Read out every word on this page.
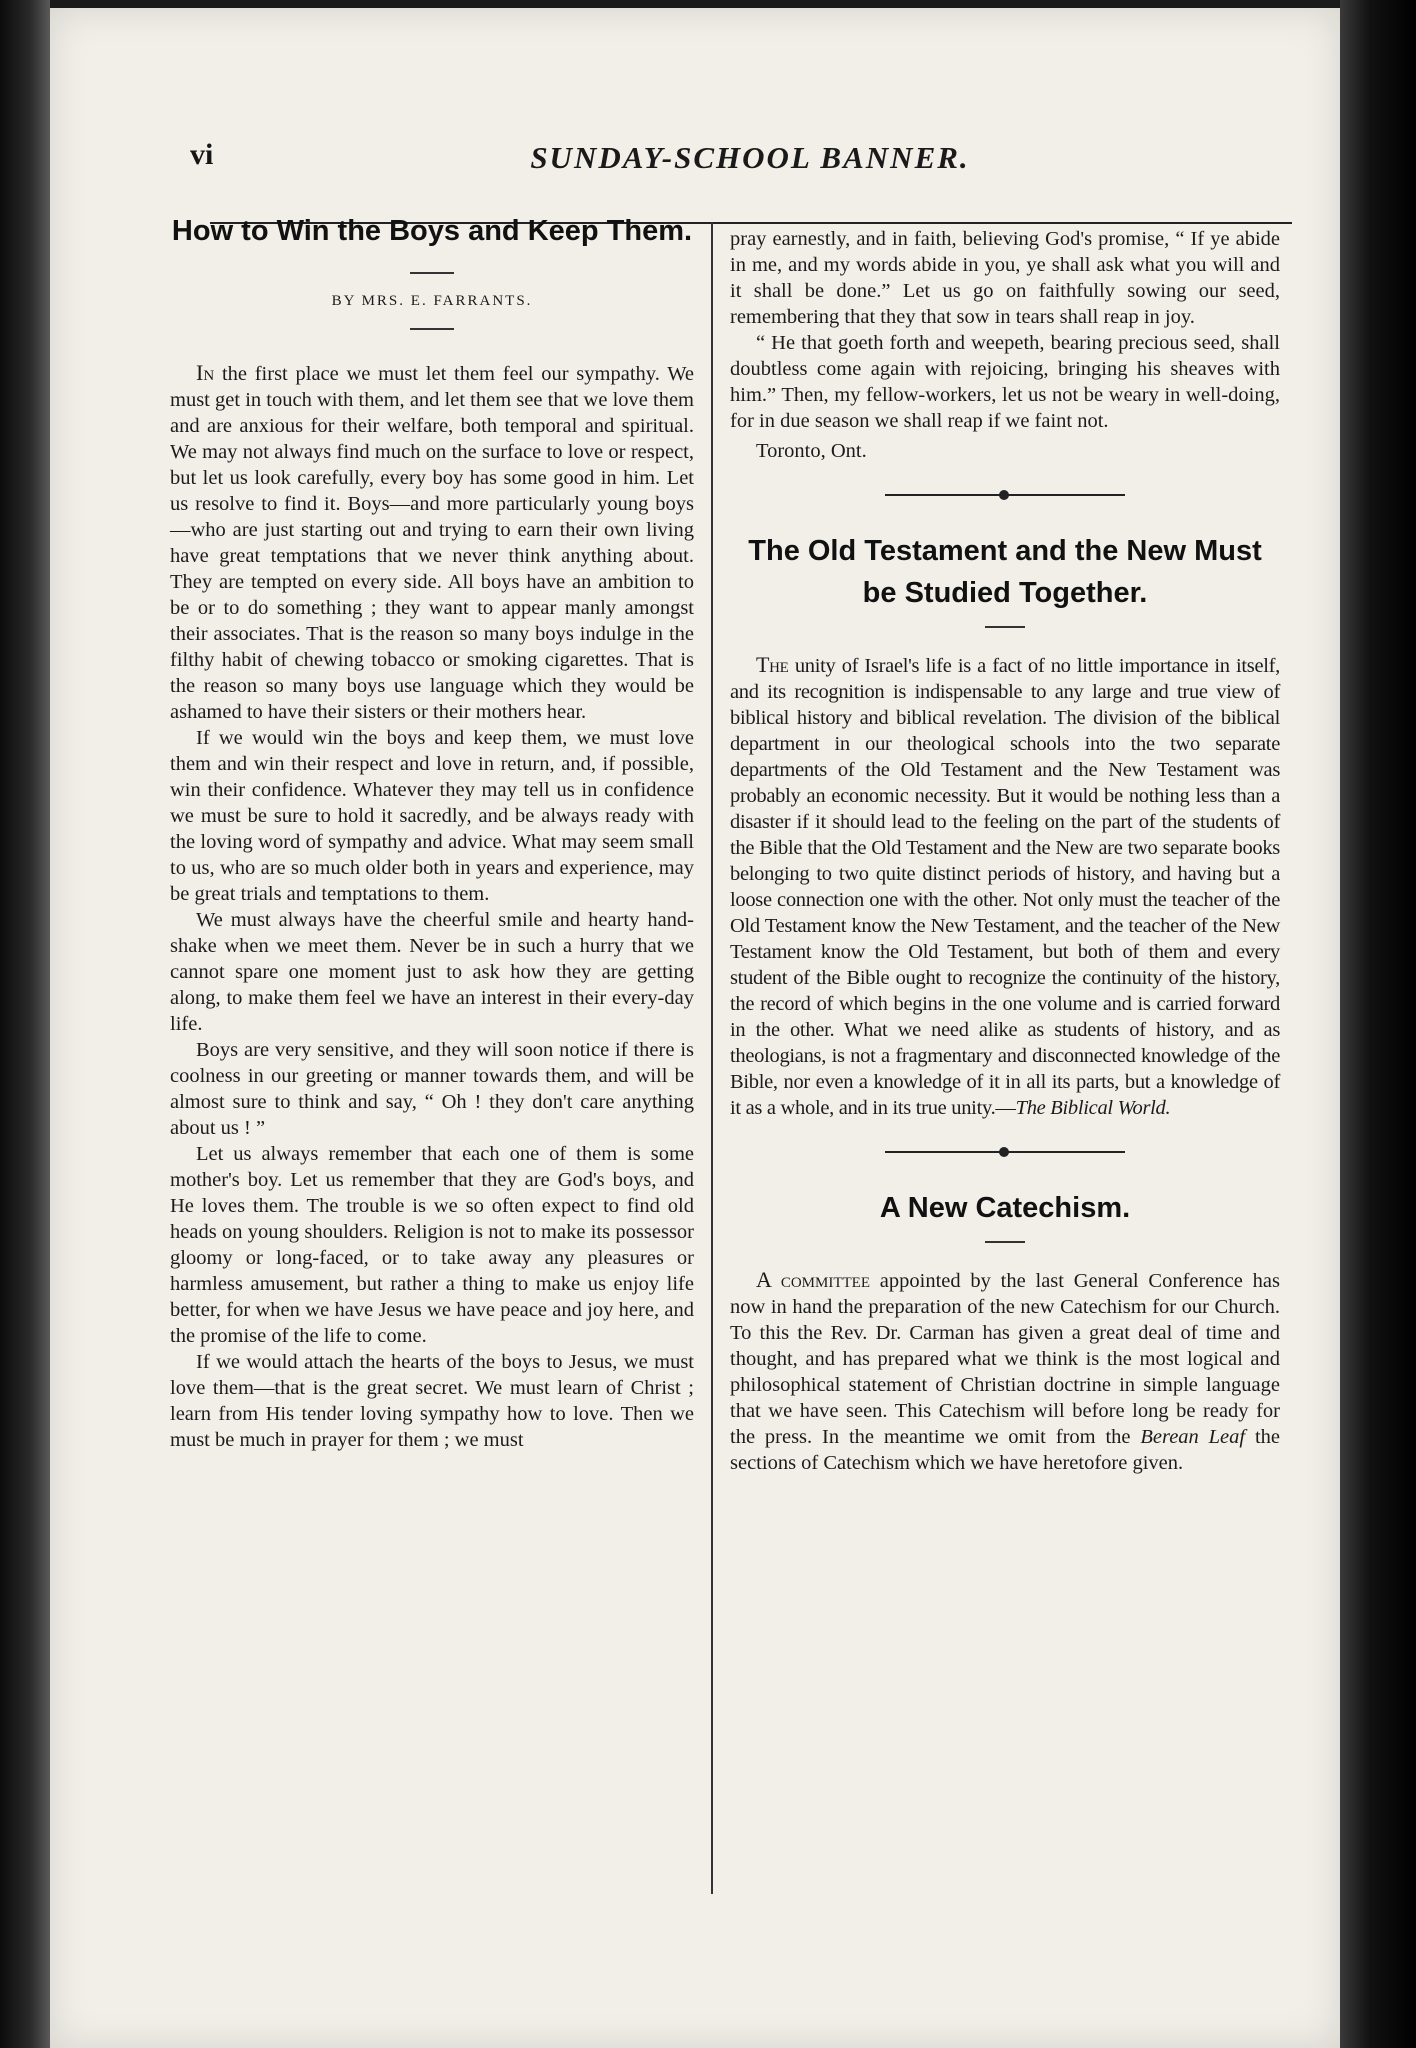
vi	SUNDAY-SCHOOL BANNER.
How to Win the Boys and Keep Them.
BY MRS. E. FARRANTS.

In the first place we must let them feel our sympathy. We must get in touch with them, and let them see that we love them and are anxious for their welfare, both temporal and spiritual. We may not always find much on the surface to love or respect, but let us look carefully, every boy has some good in him. Let us resolve to find it. Boys—and more particularly young boys—who are just starting out and trying to earn their own living have great temptations that we never think anything about. They are tempted on every side. All boys have an ambition to be or to do something ; they want to appear manly amongst their associates. That is the reason so many boys indulge in the filthy habit of chewing tobacco or smoking cigarettes. That is the reason so many boys use language which they would be ashamed to have their sisters or their mothers hear.

If we would win the boys and keep them, we must love them and win their respect and love in return, and, if possible, win their confidence. Whatever they may tell us in confidence we must be sure to hold it sacredly, and be always ready with the loving word of sympathy and advice. What may seem small to us, who are so much older both in years and experience, may be great trials and temptations to them.

We must always have the cheerful smile and hearty hand-shake when we meet them. Never be in such a hurry that we cannot spare one moment just to ask how they are getting along, to make them feel we have an interest in their every-day life.

Boys are very sensitive, and they will soon notice if there is coolness in our greeting or manner towards them, and will be almost sure to think and say, “ Oh ! they don't care anything about us ! ”

Let us always remember that each one of them is some mother's boy. Let us remember that they are God's boys, and He loves them. The trouble is we so often expect to find old heads on young shoulders. Religion is not to make its possessor gloomy or long-faced, or to take away any pleasures or harmless amusement, but rather a thing to make us enjoy life better, for when we have Jesus we have peace and joy here, and the promise of the life to come.

If we would attach the hearts of the boys to Jesus, we must love them—that is the great secret. We must learn of Christ ; learn from His tender loving sympathy how to love. Then we must be much in prayer for them ; we must

pray earnestly, and in faith, believing God's promise, “ If ye abide in me, and my words abide in you, ye shall ask what you will and it shall be done.” Let us go on faithfully sowing our seed, remembering that they that sow in tears shall reap in joy.

“ He that goeth forth and weepeth, bearing precious seed, shall doubtless come again with rejoicing, bringing his sheaves with him.” Then, my fellow-workers, let us not be weary in well-doing, for in due season we shall reap if we faint not.

Toronto, Ont.

The Old Testament and the New Must be Studied Together.

The unity of Israel's life is a fact of no little importance in itself, and its recognition is indispensable to any large and true view of biblical history and biblical revelation. The division of the biblical department in our theological schools into the two separate departments of the Old Testament and the New Testament was probably an economic necessity. But it would be nothing less than a disaster if it should lead to the feeling on the part of the students of the Bible that the Old Testament and the New are two separate books belonging to two quite distinct periods of history, and having but a loose connection one with the other. Not only must the teacher of the Old Testament know the New Testament, and the teacher of the New Testament know the Old Testament, but both of them and every student of the Bible ought to recognize the continuity of the history, the record of which begins in the one volume and is carried forward in the other. What we need alike as students of history, and as theologians, is not a fragmentary and disconnected knowledge of the Bible, nor even a knowledge of it in all its parts, but a knowledge of it as a whole, and in its true unity.—The Biblical World.

A New Catechism.

A committee appointed by the last General Conference has now in hand the preparation of the new Catechism for our Church. To this the Rev. Dr. Carman has given a great deal of time and thought, and has prepared what we think is the most logical and philosophical statement of Christian doctrine in simple language that we have seen. This Catechism will before long be ready for the press. In the meantime we omit from the Berean Leaf the sections of Catechism which we have heretofore given.
